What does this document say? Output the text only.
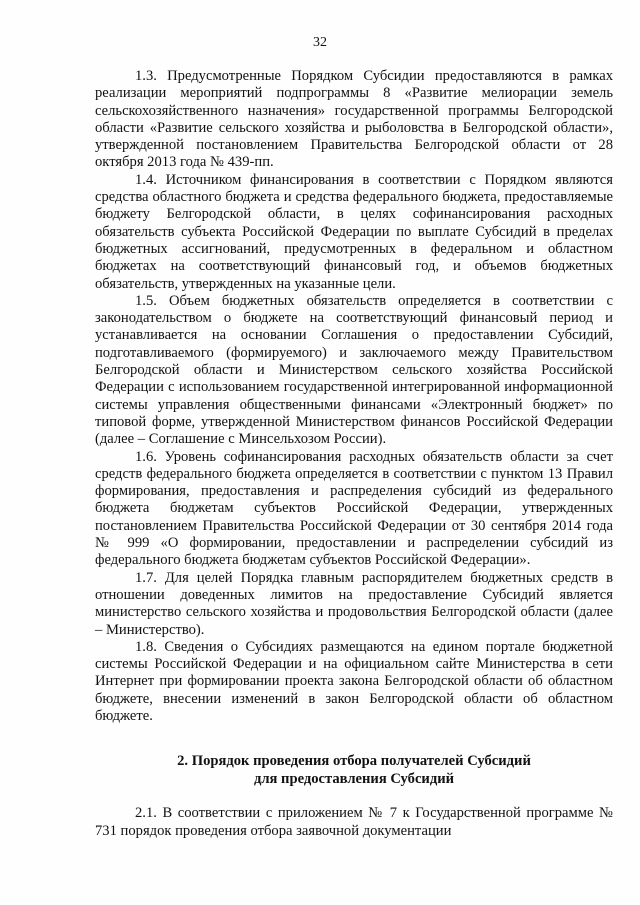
32

1.3. Предусмотренные Порядком Субсидии предоставляются в рамках реализации мероприятий подпрограммы 8 «Развитие мелиорации земель сельскохозяйственного назначения» государственной программы Белгородской области «Развитие сельского хозяйства и рыболовства в Белгородской области», утвержденной постановлением Правительства Белгородской области от 28 октября 2013 года № 439-пп.

1.4. Источником финансирования в соответствии с Порядком являются средства областного бюджета и средства федерального бюджета, предоставляемые бюджету Белгородской области, в целях софинансирования расходных обязательств субъекта Российской Федерации по выплате Субсидий в пределах бюджетных ассигнований, предусмотренных в федеральном и областном бюджетах на соответствующий финансовый год, и объемов бюджетных обязательств, утвержденных на указанные цели.

1.5. Объем бюджетных обязательств определяется в соответствии с законодательством о бюджете на соответствующий финансовый период и устанавливается на основании Соглашения о предоставлении Субсидий, подготавливаемого (формируемого) и заключаемого между Правительством Белгородской области и Министерством сельского хозяйства Российской Федерации с использованием государственной интегрированной информационной системы управления общественными финансами «Электронный бюджет» по типовой форме, утвержденной Министерством финансов Российской Федерации (далее – Соглашение с Минсельхозом России).

1.6. Уровень софинансирования расходных обязательств области за счет средств федерального бюджета определяется в соответствии с пунктом 13 Правил формирования, предоставления и распределения субсидий из федерального бюджета бюджетам субъектов Российской Федерации, утвержденных постановлением Правительства Российской Федерации от 30 сентября 2014 года № 999 «О формировании, предоставлении и распределении субсидий из федерального бюджета бюджетам субъектов Российской Федерации».

1.7. Для целей Порядка главным распорядителем бюджетных средств в отношении доведенных лимитов на предоставление Субсидий является министерство сельского хозяйства и продовольствия Белгородской области (далее – Министерство).

1.8. Сведения о Субсидиях размещаются на едином портале бюджетной системы Российской Федерации и на официальном сайте Министерства в сети Интернет при формировании проекта закона Белгородской области об областном бюджете, внесении изменений в закон Белгородской области об областном бюджете.

2. Порядок проведения отбора получателей Субсидий
для предоставления Субсидий

2.1. В соответствии с приложением № 7 к Государственной программе № 731 порядок проведения отбора заявочной документации
